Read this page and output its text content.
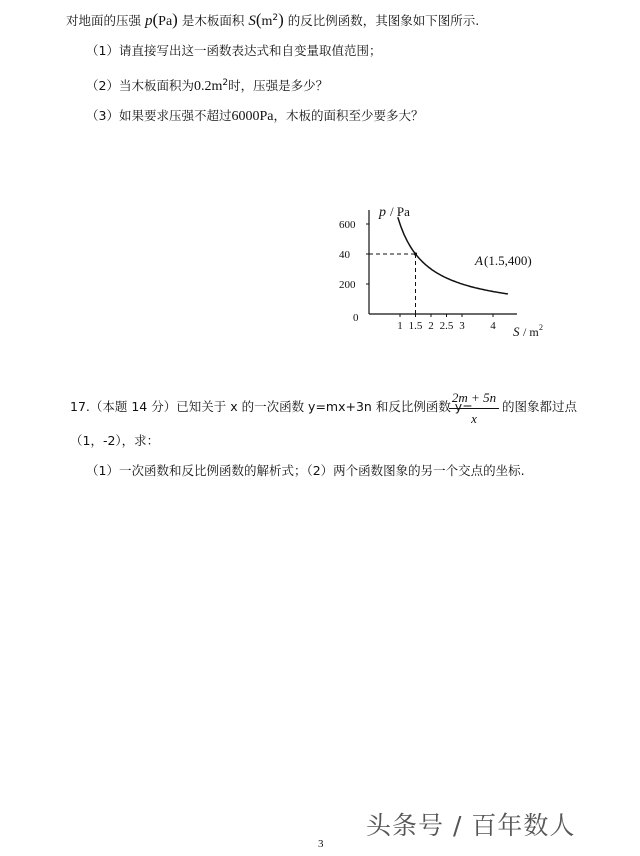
对地面的压强 p(Pa) 是木板面积 $S(m^2)$ 的反比例函数，其图象如下图所示.
（1）请直接写出这一函数表达式和自变量取值范围；
（2）当木板面积为$0.2m^2$时，压强是多少？
（3）如果要求压强不超过6000Pa，木板的面积至少要多大？
600
40
200
1 1.5 2 2.5 3 4
p / Pa
0
A (1.5,400)
S / m 2
17.（本题 14 分）已知关于 x 的一次函数 y=mx+3n 和反比例函数 y=
2m + 5n
x
的图象都过点
（1，-2），求：
（1）一次函数和反比例函数的解析式；（2）两个函数图象的另一个交点的坐标.
头条号 / 百年数人
3
